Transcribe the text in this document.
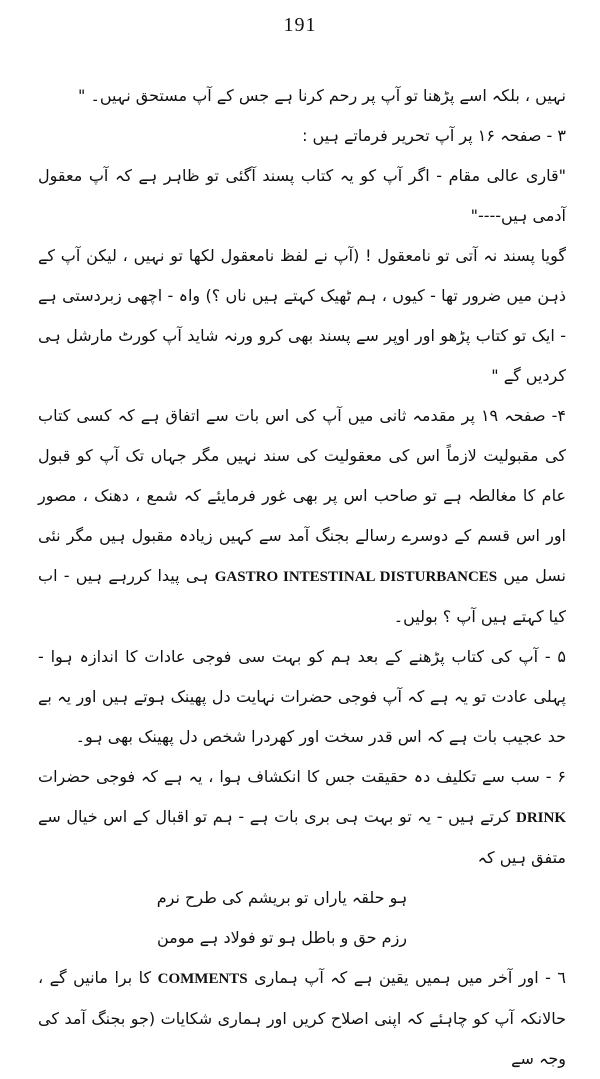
191

نہیں ، بلکہ اسے پڑھنا تو آپ پر رحم کرنا ہے جس کے آپ مستحق نہیں۔ "

۳ - صفحہ ۱۶ پر آپ تحریر فرماتے ہیں :

"قاری عالی مقام - اگر آپ کو یہ کتاب پسند آگئی تو ظاہر ہے کہ آپ معقول آدمی ہیں----"

گویا پسند نہ آتی تو نامعقول ! (آپ نے لفظ نامعقول لکھا تو نہیں ، لیکن آپ کے ذہن میں ضرور تھا - کیوں ، ہم ٹھیک کہتے ہیں ناں ؟) واہ - اچھی زبردستی ہے - ایک تو کتاب پڑھو اور اوپر سے پسند بھی کرو ورنہ شاید آپ کورٹ مارشل ہی کردیں گے "

۴- صفحہ ۱۹ پر مقدمہ ثانی میں آپ کی اس بات سے اتفاق ہے کہ کسی کتاب کی مقبولیت لازماً اس کی معقولیت کی سند نہیں مگر جہاں تک آپ کو قبول عام کا مغالطہ ہے تو صاحب اس پر بھی غور فرمایئے کہ شمع ، دھنک ، مصور اور اس قسم کے دوسرے رسالے بجنگ آمد سے کہیں زیادہ مقبول ہیں مگر نئی نسل میں GASTRO INTESTINAL DISTURBANCES ہی پیدا کررہے ہیں - اب کیا کہتے ہیں آپ ؟ بولیں۔

۵ - آپ کی کتاب پڑھنے کے بعد ہم کو بہت سی فوجی عادات کا اندازہ ہوا - پہلی عادت تو یہ ہے کہ آپ فوجی حضرات نہایت دل پھینک ہوتے ہیں اور یہ بے حد عجیب بات ہے کہ اس قدر سخت اور کھردرا شخص دل پھینک بھی ہو۔

۶ - سب سے تکلیف دہ حقیقت جس کا انکشاف ہوا ، یہ ہے کہ فوجی حضرات DRINK کرتے ہیں - یہ تو بہت ہی بری بات ہے - ہم تو اقبال کے اس خیال سے متفق ہیں کہ

ہو حلقہ یاراں تو بریشم کی طرح نرم

رزم حق و باطل ہو تو فولاد ہے مومن

٦ - اور آخر میں ہمیں یقین ہے کہ آپ ہماری COMMENTS کا برا مانیں گے ، حالانکہ آپ کو چاہئے کہ اپنی اصلاح کریں اور ہماری شکایات (جو بجنگ آمد کی وجہ سے
